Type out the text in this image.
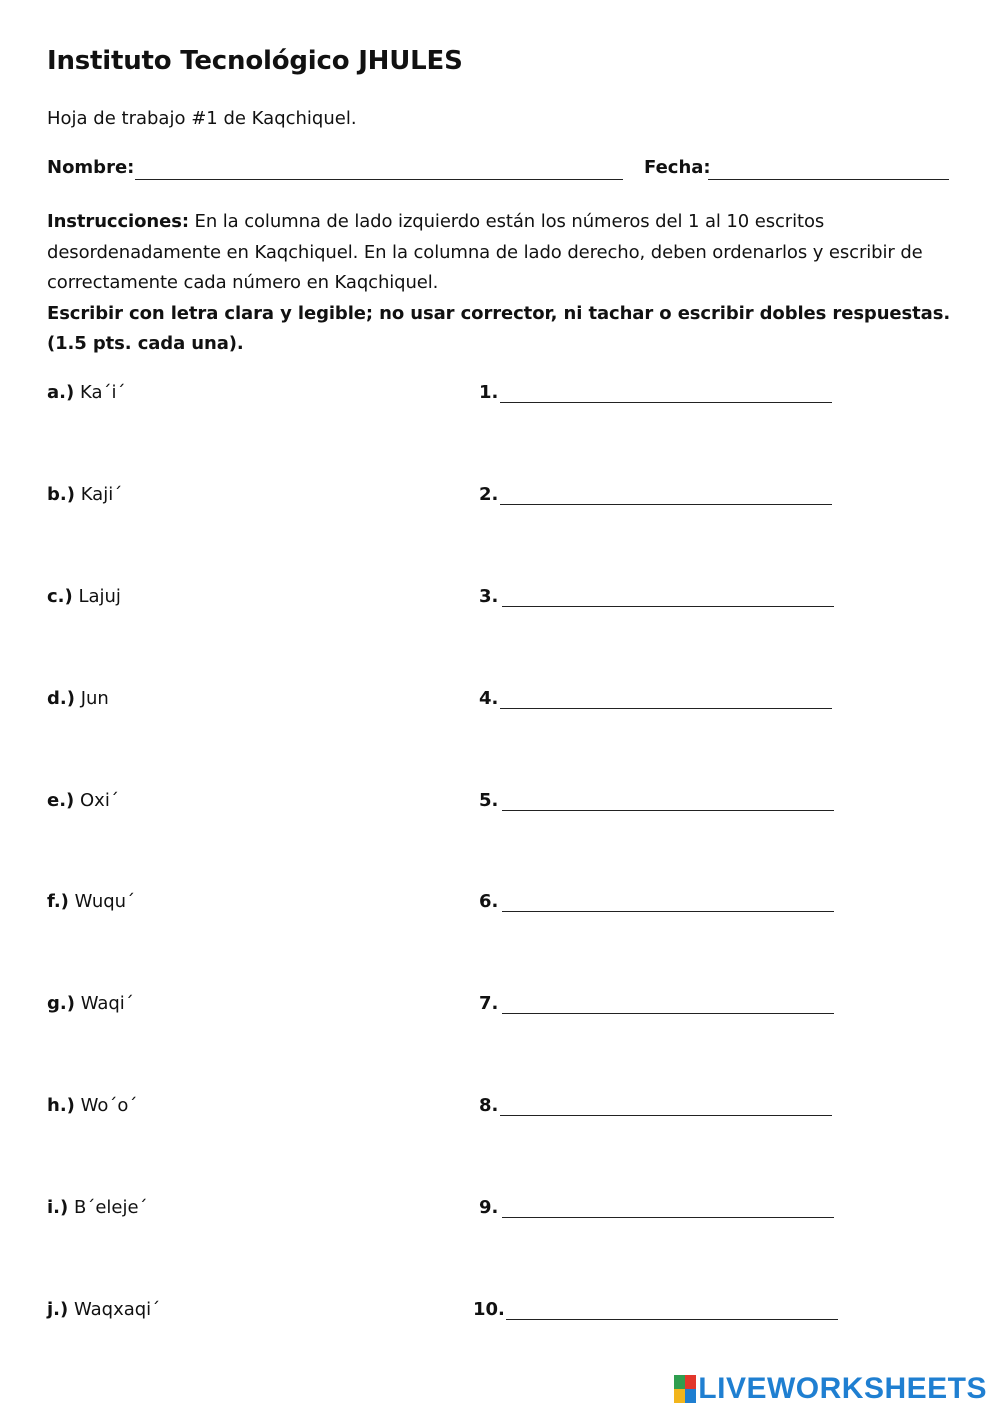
Instituto Tecnológico JHULES

Hoja de trabajo #1 de Kaqchiquel.

Nombre:	Fecha:

Instrucciones: En la columna de lado izquierdo están los números del 1 al 10 escritos desordenadamente en Kaqchiquel. En la columna de lado derecho, deben ordenarlos y escribir de correctamente cada número en Kaqchiquel.
Escribir con letra clara y legible; no usar corrector, ni tachar o escribir dobles respuestas. (1.5 pts. cada una).

a.) Ka´i´
b.) Kaji´
c.) Lajuj
d.) Jun
e.) Oxi´
f.) Wuqu´
g.) Waqi´
h.) Wo´o´
i.) B´eleje´
j.) Waqxaqi´
1.
2.
3.
4.
5.
6.
7.
8.
9.
10.
LIVEWORKSHEETS
